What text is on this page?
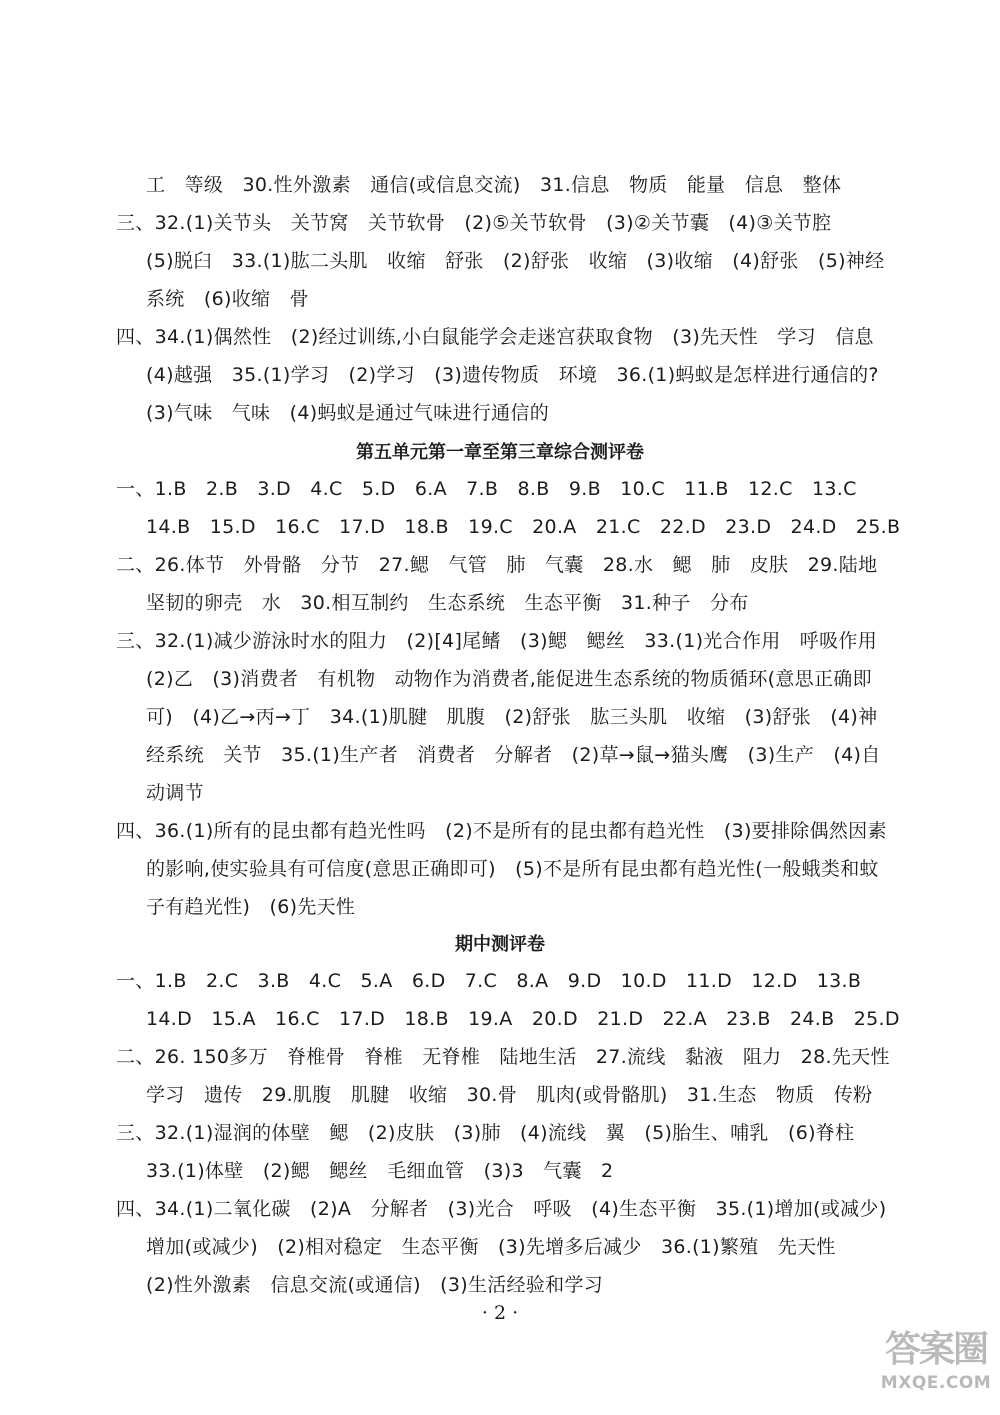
工　等级　30.性外激素　通信(或信息交流)　31.信息　物质　能量　信息　整体
三、32.(1)关节头　关节窝　关节软骨　(2)⑤关节软骨　(3)②关节囊　(4)③关节腔
(5)脱臼　33.(1)肱二头肌　收缩　舒张　(2)舒张　收缩　(3)收缩　(4)舒张　(5)神经
系统　(6)收缩　骨
四、34.(1)偶然性　(2)经过训练,小白鼠能学会走迷宫获取食物　(3)先天性　学习　信息
(4)越强　35.(1)学习　(2)学习　(3)遗传物质　环境　36.(1)蚂蚁是怎样进行通信的?
(3)气味　气味　(4)蚂蚁是通过气味进行通信的
第五单元第一章至第三章综合测评卷
一、1.B　2.B　3.D　4.C　5.D　6.A　7.B　8.B　9.B　10.C　11.B　12.C　13.C
14.B　15.D　16.C　17.D　18.B　19.C　20.A　21.C　22.D　23.D　24.D　25.B
二、26.体节　外骨骼　分节　27.鳃　气管　肺　气囊　28.水　鳃　肺　皮肤　29.陆地
坚韧的卵壳　水　30.相互制约　生态系统　生态平衡　31.种子　分布
三、32.(1)减少游泳时水的阻力　(2)[4]尾鳍　(3)鳃　鳃丝　33.(1)光合作用　呼吸作用
(2)乙　(3)消费者　有机物　动物作为消费者,能促进生态系统的物质循环(意思正确即
可)　(4)乙→丙→丁　34.(1)肌腱　肌腹　(2)舒张　肱三头肌　收缩　(3)舒张　(4)神
经系统　关节　35.(1)生产者　消费者　分解者　(2)草→鼠→猫头鹰　(3)生产　(4)自
动调节
四、36.(1)所有的昆虫都有趋光性吗　(2)不是所有的昆虫都有趋光性　(3)要排除偶然因素
的影响,使实验具有可信度(意思正确即可)　(5)不是所有昆虫都有趋光性(一般蛾类和蚊
子有趋光性)　(6)先天性
期中测评卷
一、1.B　2.C　3.B　4.C　5.A　6.D　7.C　8.A　9.D　10.D　11.D　12.D　13.B
14.D　15.A　16.C　17.D　18.B　19.A　20.D　21.D　22.A　23.B　24.B　25.D
二、26. 150多万　脊椎骨　脊椎　无脊椎　陆地生活　27.流线　黏液　阻力　28.先天性
学习　遗传　29.肌腹　肌腱　收缩　30.骨　肌肉(或骨骼肌)　31.生态　物质　传粉
三、32.(1)湿润的体壁　鳃　(2)皮肤　(3)肺　(4)流线　翼　(5)胎生、哺乳　(6)脊柱
33.(1)体壁　(2)鳃　鳃丝　毛细血管　(3)3　气囊　2
四、34.(1)二氧化碳　(2)A　分解者　(3)光合　呼吸　(4)生态平衡　35.(1)增加(或减少)
增加(或减少)　(2)相对稳定　生态平衡　(3)先增多后减少　36.(1)繁殖　先天性
(2)性外激素　信息交流(或通信)　(3)生活经验和学习
· 2 ·
答案圈
MXQE.COM
